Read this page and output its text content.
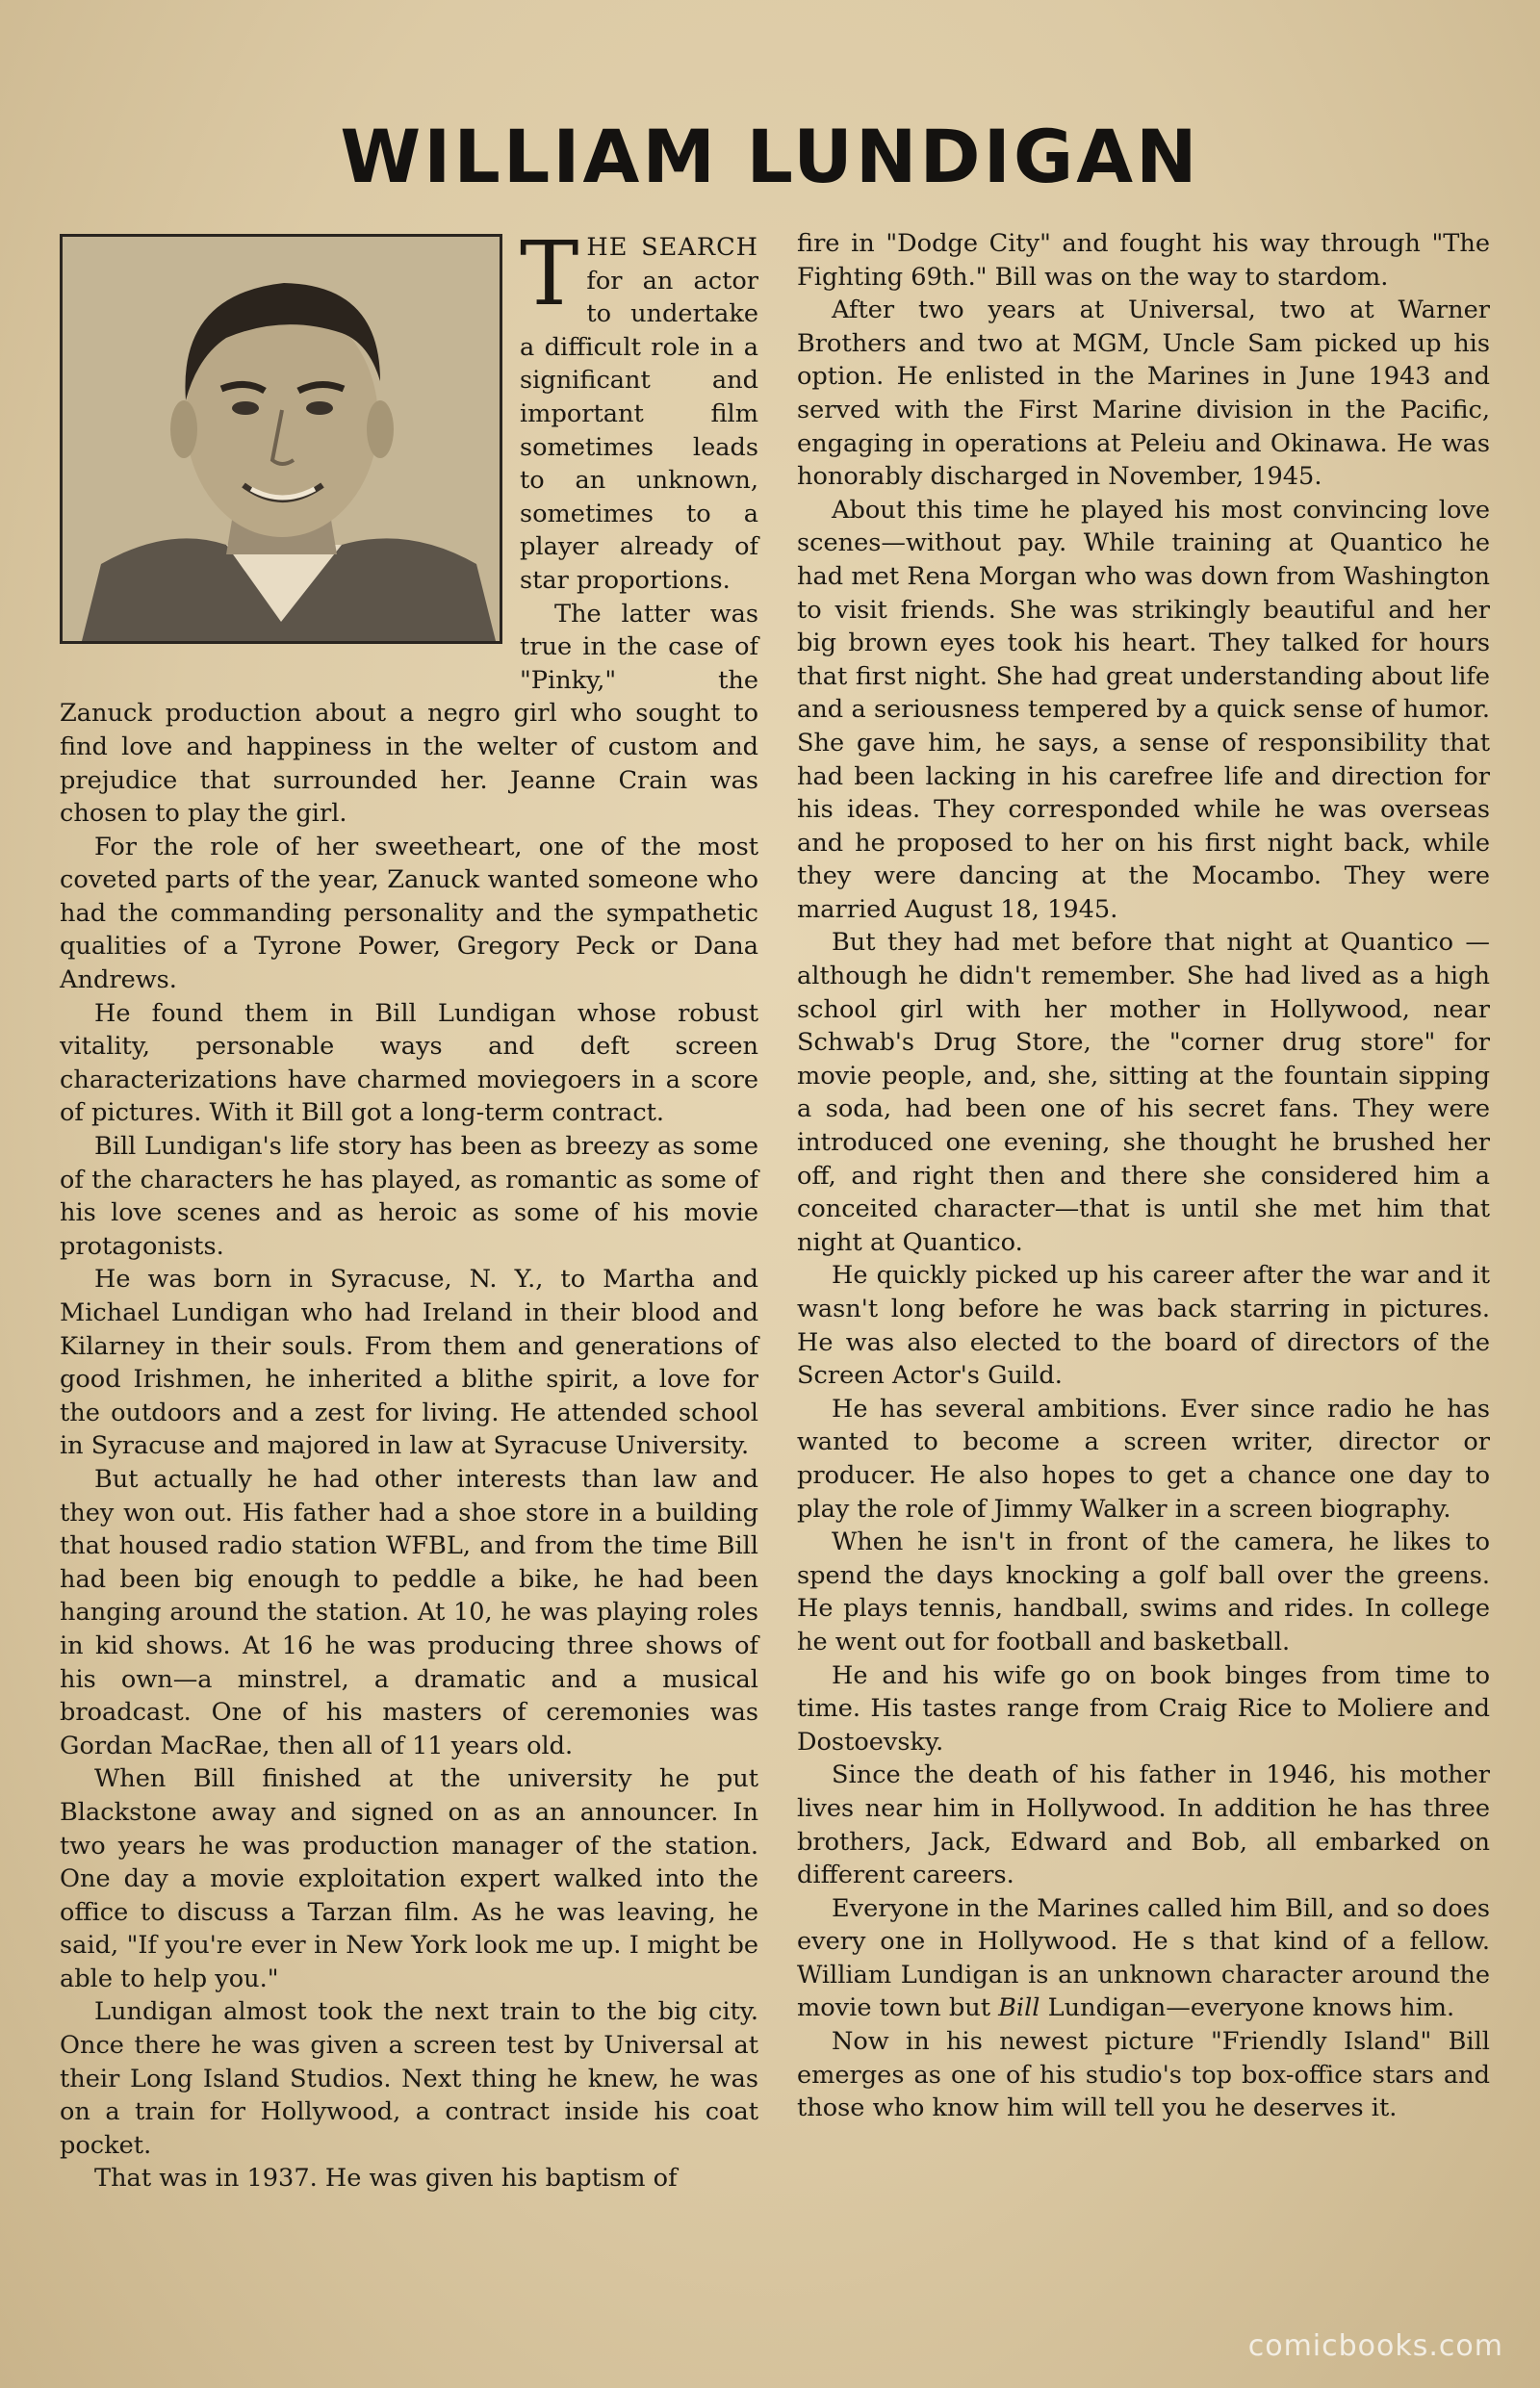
WILLIAM LUNDIGAN

THE SEARCH for an actor to undertake a difficult role in a significant and important film sometimes leads to an unknown, sometimes to a player already of star proportions.

The latter was true in the case of "Pinky," the Zanuck production about a negro girl who sought to find love and happiness in the welter of custom and prejudice that surrounded her. Jeanne Crain was chosen to play the girl.

For the role of her sweetheart, one of the most coveted parts of the year, Zanuck wanted someone who had the commanding personality and the sympathetic qualities of a Tyrone Power, Gregory Peck or Dana Andrews.

He found them in Bill Lundigan whose robust vitality, personable ways and deft screen characterizations have charmed moviegoers in a score of pictures. With it Bill got a long-term contract.

Bill Lundigan's life story has been as breezy as some of the characters he has played, as romantic as some of his love scenes and as heroic as some of his movie protagonists.

He was born in Syracuse, N. Y., to Martha and Michael Lundigan who had Ireland in their blood and Kilarney in their souls. From them and generations of good Irishmen, he inherited a blithe spirit, a love for the outdoors and a zest for living. He attended school in Syracuse and majored in law at Syracuse University.

But actually he had other interests than law and they won out. His father had a shoe store in a building that housed radio station WFBL, and from the time Bill had been big enough to peddle a bike, he had been hanging around the station. At 10, he was playing roles in kid shows. At 16 he was producing three shows of his own—a minstrel, a dramatic and a musical broadcast. One of his masters of ceremonies was Gordan MacRae, then all of 11 years old.

When Bill finished at the university he put Blackstone away and signed on as an announcer. In two years he was production manager of the station. One day a movie exploitation expert walked into the office to discuss a Tarzan film. As he was leaving, he said, "If you're ever in New York look me up. I might be able to help you."

Lundigan almost took the next train to the big city. Once there he was given a screen test by Universal at their Long Island Studios. Next thing he knew, he was on a train for Hollywood, a contract inside his coat pocket.

That was in 1937. He was given his baptism of

fire in "Dodge City" and fought his way through "The Fighting 69th." Bill was on the way to stardom.

After two years at Universal, two at Warner Brothers and two at MGM, Uncle Sam picked up his option. He enlisted in the Marines in June 1943 and served with the First Marine division in the Pacific, engaging in operations at Peleiu and Okinawa. He was honorably discharged in November, 1945.

About this time he played his most convincing love scenes—without pay. While training at Quantico he had met Rena Morgan who was down from Washington to visit friends. She was strikingly beautiful and her big brown eyes took his heart. They talked for hours that first night. She had great understanding about life and a seriousness tempered by a quick sense of humor. She gave him, he says, a sense of responsibility that had been lacking in his carefree life and direction for his ideas. They corresponded while he was overseas and he proposed to her on his first night back, while they were dancing at the Mocambo. They were married August 18, 1945.

But they had met before that night at Quantico —although he didn't remember. She had lived as a high school girl with her mother in Hollywood, near Schwab's Drug Store, the "corner drug store" for movie people, and, she, sitting at the fountain sipping a soda, had been one of his secret fans. They were introduced one evening, she thought he brushed her off, and right then and there she considered him a conceited character—that is until she met him that night at Quantico.

He quickly picked up his career after the war and it wasn't long before he was back starring in pictures. He was also elected to the board of directors of the Screen Actor's Guild.

He has several ambitions. Ever since radio he has wanted to become a screen writer, director or producer. He also hopes to get a chance one day to play the role of Jimmy Walker in a screen biography.

When he isn't in front of the camera, he likes to spend the days knocking a golf ball over the greens. He plays tennis, handball, swims and rides. In college he went out for football and basketball.

He and his wife go on book binges from time to time. His tastes range from Craig Rice to Moliere and Dostoevsky.

Since the death of his father in 1946, his mother lives near him in Hollywood. In addition he has three brothers, Jack, Edward and Bob, all embarked on different careers.

Everyone in the Marines called him Bill, and so does every one in Hollywood. He s that kind of a fellow. William Lundigan is an unknown character around the movie town but Bill Lundigan—everyone knows him.

Now in his newest picture "Friendly Island" Bill emerges as one of his studio's top box-office stars and those who know him will tell you he deserves it.

comicbooks.com
